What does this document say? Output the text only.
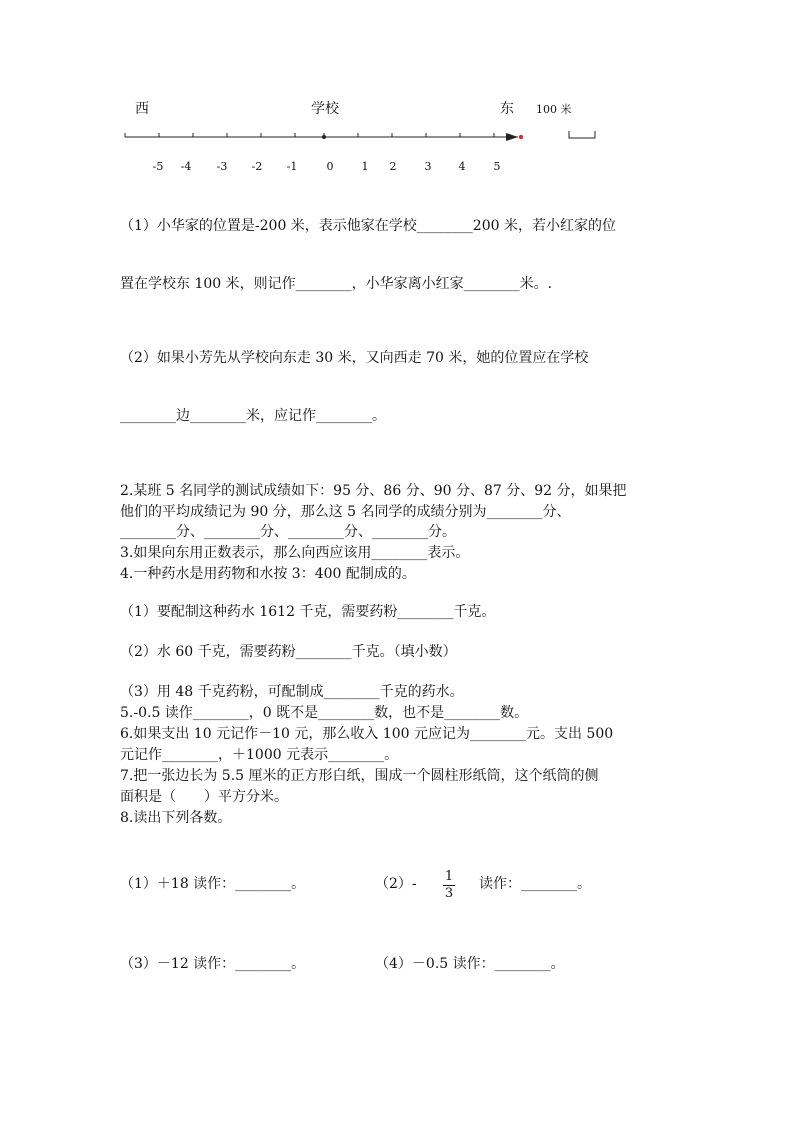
西	学校	东 100 米
-5 -4 -3 -2 -1	0	1 2	3 4	5
（1）小华家的位置是-200 米，表示他家在学校________200 米，若小红家的位
置在学校东 100 米，则记作________，小华家离小红家________米。.
（2）如果小芳先从学校向东走 30 米，又向西走 70 米，她的位置应在学校
________边________米，应记作________。
2.某班 5 名同学的测试成绩如下：95 分、86 分、90 分、87 分、92 分，如果把
他们的平均成绩记为 90 分，那么这 5 名同学的成绩分别为________分、
________分、________分、________分、________分。
3.如果向东用正数表示，那么向西应该用________表示。
4.一种药水是用药物和水按 3：400 配制成的。
（1）要配制这种药水 1612 千克，需要药粉________千克。
（2）水 60 千克，需要药粉________千克。（填小数）
（3）用 48 千克药粉，可配制成________千克的药水。
5.-0.5 读作________，0 既不是________数，也不是________数。
6.如果支出 10 元记作－10 元，那么收入 100 元应记为________元。支出 500
元记作________，＋1000 元表示________。
7.把一张边长为 5.5 厘米的正方形白纸，围成一个圆柱形纸筒，这个纸筒的侧
面积是（　　）平方分米。
8.读出下列各数。
（1）＋18 读作：________。	（2）- 1
3
读作：________。
（3）－12 读作：________。	（4）－0.5 读作：________。
